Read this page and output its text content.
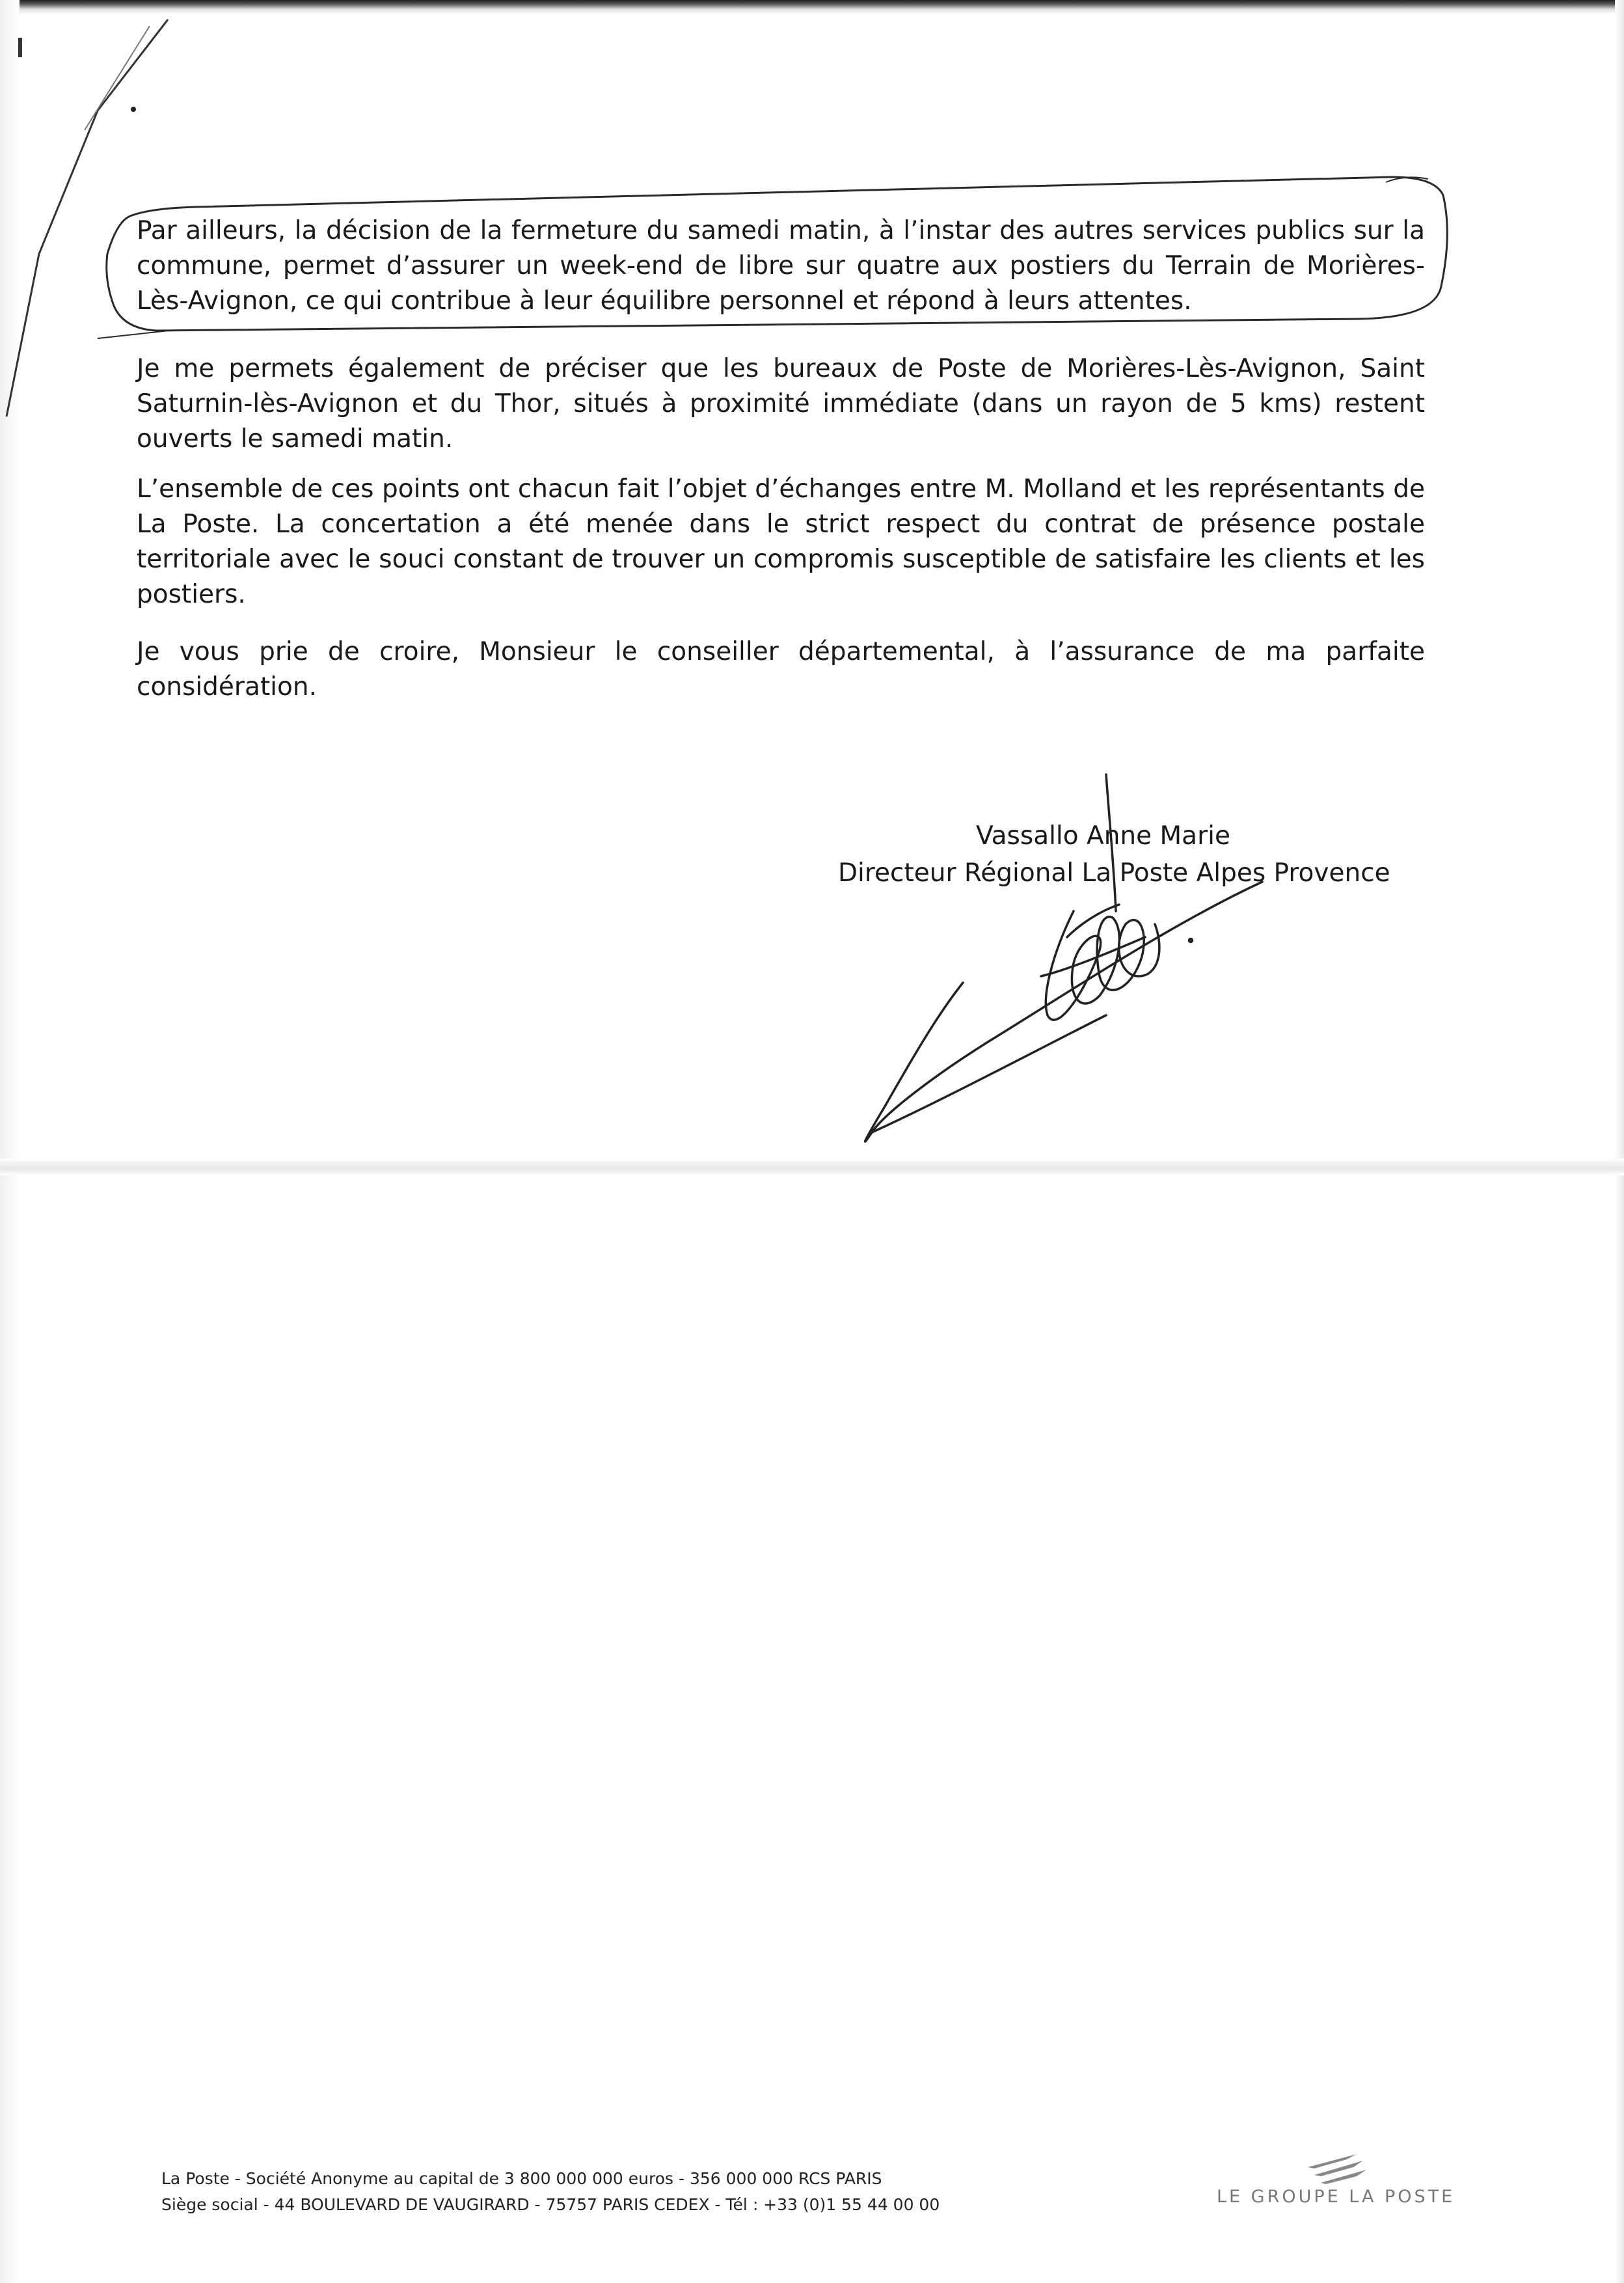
Par ailleurs, la décision de la fermeture du samedi matin, à l’instar des autres services publics sur la commune, permet d’assurer un week-end de libre sur quatre aux postiers du Terrain de Morières-Lès-Avignon, ce qui contribue à leur équilibre personnel et répond à leurs attentes.

Je me permets également de préciser que les bureaux de Poste de Morières-Lès-Avignon, Saint Saturnin-lès-Avignon et du Thor, situés à proximité immédiate (dans un rayon de 5 kms) restent ouverts le samedi matin.

L’ensemble de ces points ont chacun fait l’objet d’échanges entre M. Molland et les représentants de La Poste. La concertation a été menée dans le strict respect du contrat de présence postale territoriale avec le souci constant de trouver un compromis susceptible de satisfaire les clients et les postiers.

Je vous prie de croire, Monsieur le conseiller départemental, à l’assurance de ma parfaite considération.

Vassallo Anne Marie
Directeur Régional La Poste Alpes Provence
La Poste - Société Anonyme au capital de 3 800 000 000 euros - 356 000 000 RCS PARIS
Siège social - 44 BOULEVARD DE VAUGIRARD - 75757 PARIS CEDEX - Tél : +33 (0)1 55 44 00 00	LE GROUPE LA POSTE
